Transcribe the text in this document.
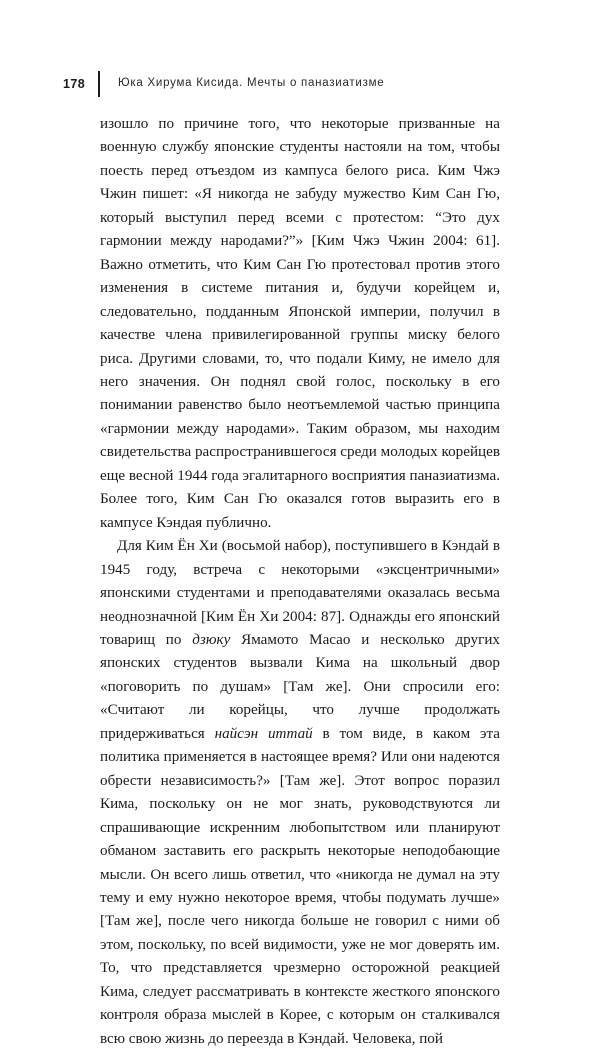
178	Юка Хирума Кисида. Мечты о паназиатизме

изошло по причине того, что некоторые призванные на военную службу японские студенты настояли на том, чтобы поесть перед отъездом из кампуса белого риса. Ким Чжэ Чжин пишет: «Я никогда не забуду мужество Ким Сан Гю, который выступил перед всеми с протестом: “Это дух гармонии между народами?”» [Ким Чжэ Чжин 2004: 61]. Важно отметить, что Ким Сан Гю протестовал против этого изменения в системе питания и, будучи корейцем и, следовательно, подданным Японской империи, получил в качестве члена привилегированной группы миску белого риса. Другими словами, то, что подали Киму, не имело для него значения. Он поднял свой голос, поскольку в его понимании равенство было неотъемлемой частью принципа «гармонии между народами». Таким образом, мы находим свидетельства распространившегося среди молодых корейцев еще весной 1944 года эгалитарного восприятия паназиатизма. Более того, Ким Сан Гю оказался готов выразить его в кампусе Кэндая публично.

Для Ким Ён Хи (восьмой набор), поступившего в Кэндай в 1945 году, встреча с некоторыми «эксцентричными» японскими студентами и преподавателями оказалась весьма неоднозначной [Ким Ён Хи 2004: 87]. Однажды его японский товарищ по дзюку Ямамото Масао и несколько других японских студентов вызвали Кима на школьный двор «поговорить по душам» [Там же]. Они спросили его: «Считают ли корейцы, что лучше продолжать придерживаться найсэн иттай в том виде, в каком эта политика применяется в настоящее время? Или они надеются обрести независимость?» [Там же]. Этот вопрос поразил Кима, поскольку он не мог знать, руководствуются ли спрашивающие искренним любопытством или планируют обманом заставить его раскрыть некоторые неподобающие мысли. Он всего лишь ответил, что «никогда не думал на эту тему и ему нужно некоторое время, чтобы подумать лучше» [Там же], после чего никогда больше не говорил с ними об этом, поскольку, по всей видимости, уже не мог доверять им. То, что представляется чрезмерно осторожной реакцией Кима, следует рассматривать в контексте жесткого японского контроля образа мыслей в Корее, с которым он сталкивался всю свою жизнь до переезда в Кэндай. Человека, пой
